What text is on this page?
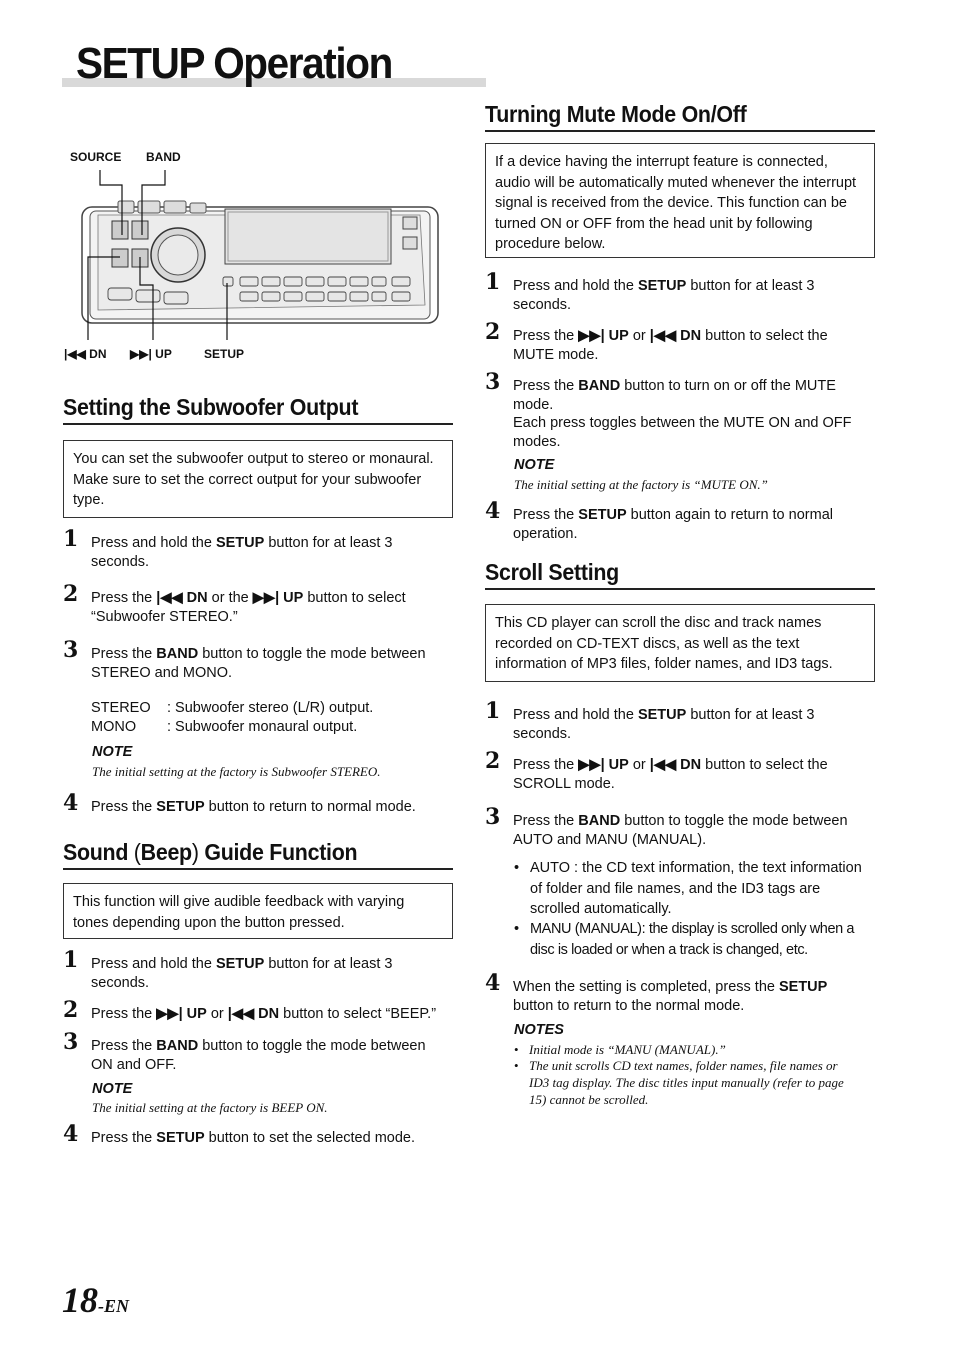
SETUP Operation
SOURCE BAND
|◀◀ DN ▶▶| UP	SETUP
Setting the Subwoofer Output
You can set the subwoofer output to stereo or monaural.
Make sure to set the correct output for your subwoofer
type.
1 Press and hold the SETUP button for at least 3
seconds.
2 Press the |◀◀ DN or the ▶▶| UP button to select
“Subwoofer STEREO.”
3 Press the BAND button to toggle the mode between
STEREO and MONO.
STEREO : Subwoofer stereo (L/R) output.
MONO : Subwoofer monaural output.
NOTE
The initial setting at the factory is Subwoofer STEREO.
4 Press the SETUP button to return to normal mode.
Sound (Beep) Guide Function
This function will give audible feedback with varying
tones depending upon the button pressed.
1 Press and hold the SETUP button for at least 3
seconds.
2 Press the ▶▶| UP or |◀◀ DN button to select “BEEP.”
3 Press the BAND button to toggle the mode between
ON and OFF.
NOTE
The initial setting at the factory is BEEP ON.
4 Press the SETUP button to set the selected mode.
Turning Mute Mode On/Off
If a device having the interrupt feature is connected,
audio will be automatically muted whenever the interrupt
signal is received from the device. This function can be
turned ON or OFF from the head unit by following
procedure below.
1 Press and hold the SETUP button for at least 3
seconds.
2 Press the ▶▶| UP or |◀◀ DN button to select the
MUTE mode.
3 Press the BAND button to turn on or off the MUTE
mode.
Each press toggles between the MUTE ON and OFF
modes.
NOTE
The initial setting at the factory is “MUTE ON.”
4 Press the SETUP button again to return to normal
operation.
Scroll Setting
This CD player can scroll the disc and track names
recorded on CD-TEXT discs, as well as the text
information of MP3 files, folder names, and ID3 tags.
1 Press and hold the SETUP button for at least 3
seconds.
2 Press the ▶▶| UP or |◀◀ DN button to select the
SCROLL mode.
3 Press the BAND button to toggle the mode between
AUTO and MANU (MANUAL).
• AUTO : the CD text information, the text information
of folder and file names, and the ID3 tags are
scrolled automatically.
• MANU (MANUAL): the display is scrolled only when a
disc is loaded or when a track is changed, etc.
4 When the setting is completed, press the SETUP
button to return to the normal mode.
NOTES
• Initial mode is “MANU (MANUAL).”
• The unit scrolls CD text names, folder names, file names or
ID3 tag display. The disc titles input manually (refer to page
15) cannot be scrolled.
18-EN
